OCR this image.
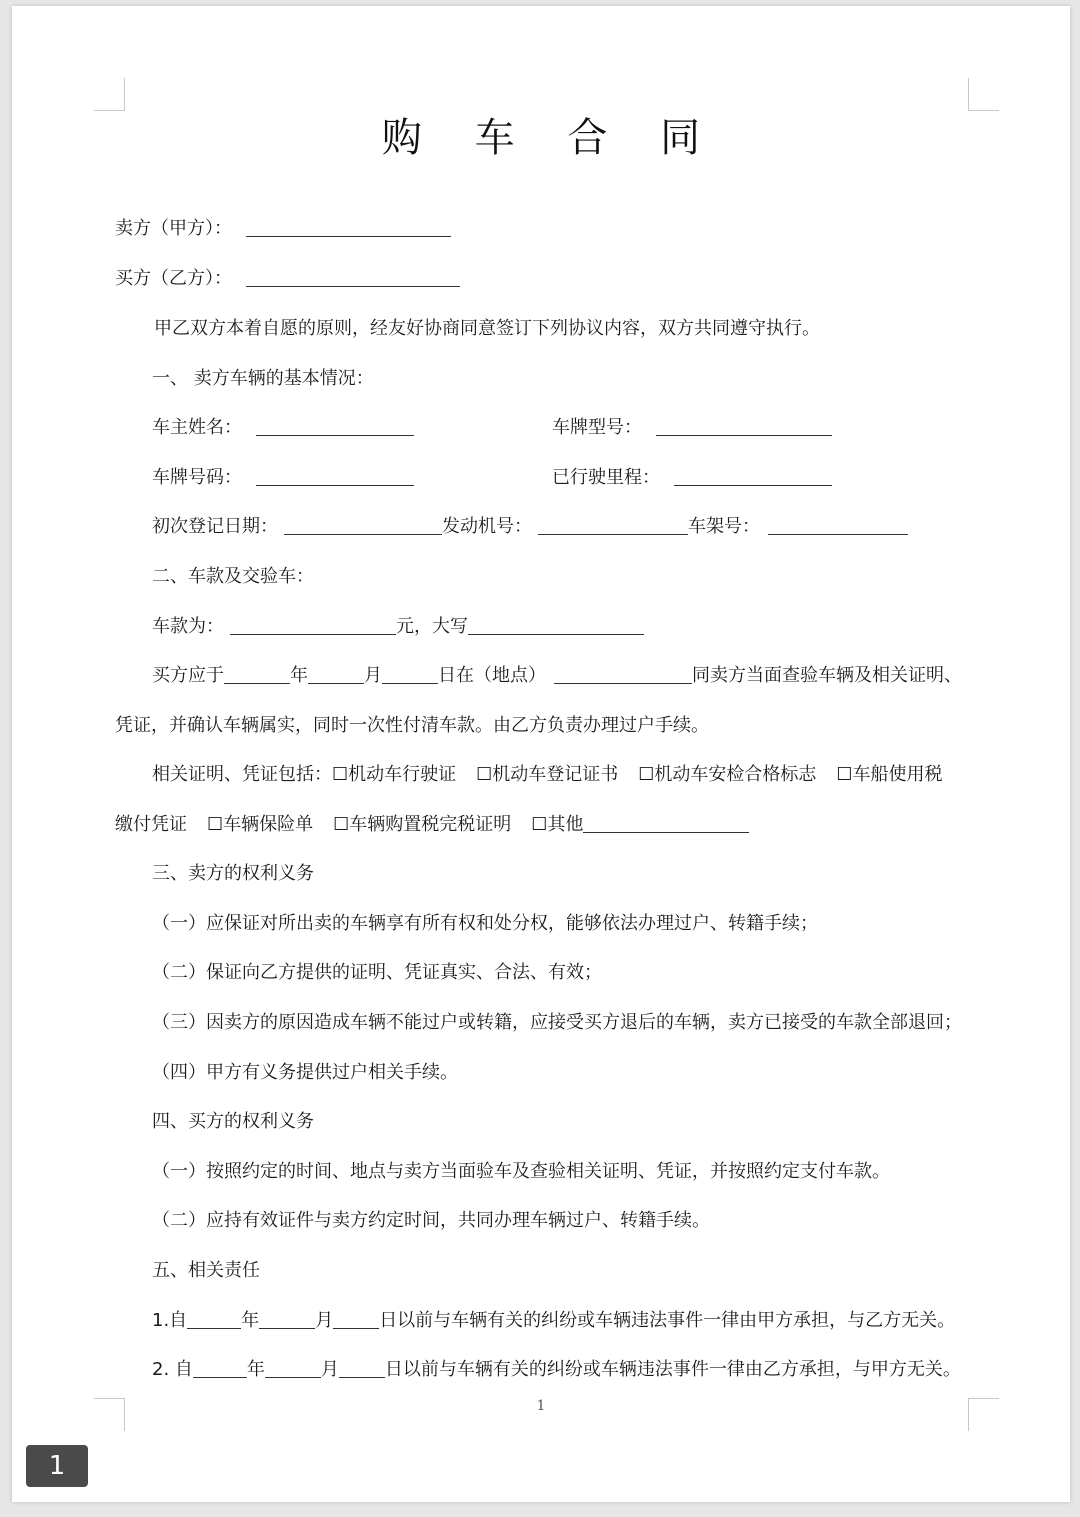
购 车 合 同
卖方（甲方）：
买方（乙方）：
甲乙双方本着自愿的原则，经友好协商同意签订下列协议内容，双方共同遵守执行。
一、 卖方车辆的基本情况：
车主姓名：	车牌型号：
车牌号码：	已行驶里程：
初次登记日期：	发动机号：	车架号：
二、车款及交验车：
车款为：	元，大写
买方应于	年	月	日在（地点）	同卖方当面查验车辆及相关证明、
凭证，并确认车辆属实，同时一次性付清车款。由乙方负责办理过户手续。
相关证明、凭证包括：☐机动车行驶证 ☐机动车登记证书 ☐机动车安检合格标志 ☐车船使用税
缴付凭证 ☐车辆保险单 ☐车辆购置税完税证明 ☐其他
三、卖方的权利义务
（一）应保证对所出卖的车辆享有所有权和处分权，能够依法办理过户、转籍手续；
（二）保证向乙方提供的证明、凭证真实、合法、有效；
（三）因卖方的原因造成车辆不能过户或转籍，应接受买方退后的车辆，卖方已接受的车款全部退回；
（四）甲方有义务提供过户相关手续。
四、买方的权利义务
（一）按照约定的时间、地点与卖方当面验车及查验相关证明、凭证，并按照约定支付车款。
（二）应持有效证件与卖方约定时间，共同办理车辆过户、转籍手续。
五、相关责任
1.自	年	月	日以前与车辆有关的纠纷或车辆违法事件一律由甲方承担，与乙方无关。
2. 自	年	月	日以前与车辆有关的纠纷或车辆违法事件一律由乙方承担，与甲方无关。
1
1
